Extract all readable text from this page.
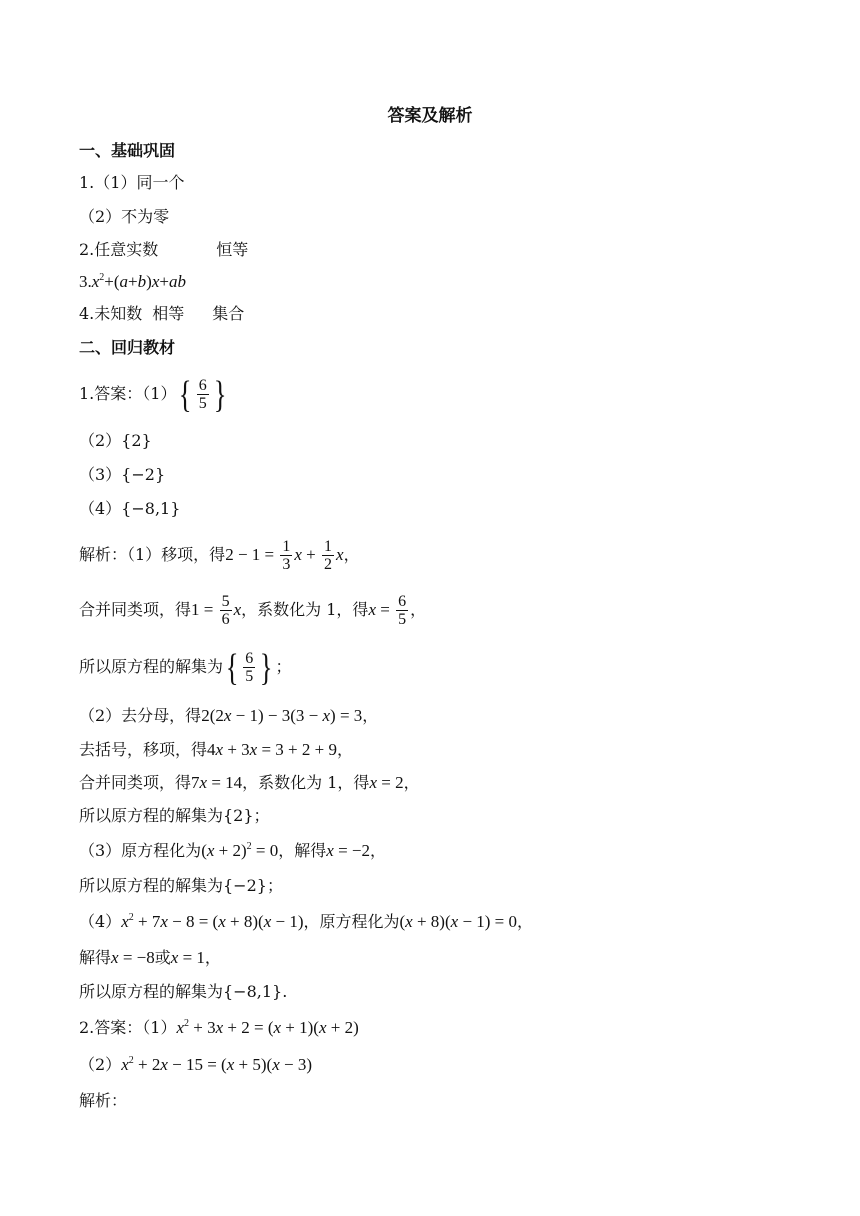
答案及解析
一、基础巩固
1.（1）同一个
（2）不为零
2.任意实数	恒等
$3.x^2+(a+b)x+ab$
4.未知数 相等 集合
二、回归教材
1.答案：$(1)\{ \frac{6}{5}$ }
（2）{2}
（3）{−2}
（4）{−8,1}
解析：（1）移项，得$2 - 1 = \frac{1}{3}$ $x + \frac{1}{2}$ x，
合并同类项，得$1 = \frac{5}{6}$ x，系数化为 1，得$x = \frac{6}{5}$ ，
所以原方程的解集为{ $\frac{6}{5}$ } ；
（2）去分母，得2(2x − 1) − 3(3 − x) = 3，
去括号，移项，得4x + 3x = 3 + 2 + 9，
合并同类项，得7x = 14，系数化为 1，得x = 2，
所以原方程的解集为{2}；
（3）原方程化为$(x + 2)^2 = 0$，解得x = −2，
所以原方程的解集为{−2}；
$(4)x^2 + 7x - 8 = (x + 8)(x - 1)$，原方程化为(x + 8)(x − 1) = 0，
解得x = −8或x = 1，
所以原方程的解集为{−8,1}.
2.答案：$(1)x^2 + 3x + 2 = (x + 1)(x + 2)$
$(2)x^2 + 2x - 15 = (x + 5)(x - 3)$
解析：
